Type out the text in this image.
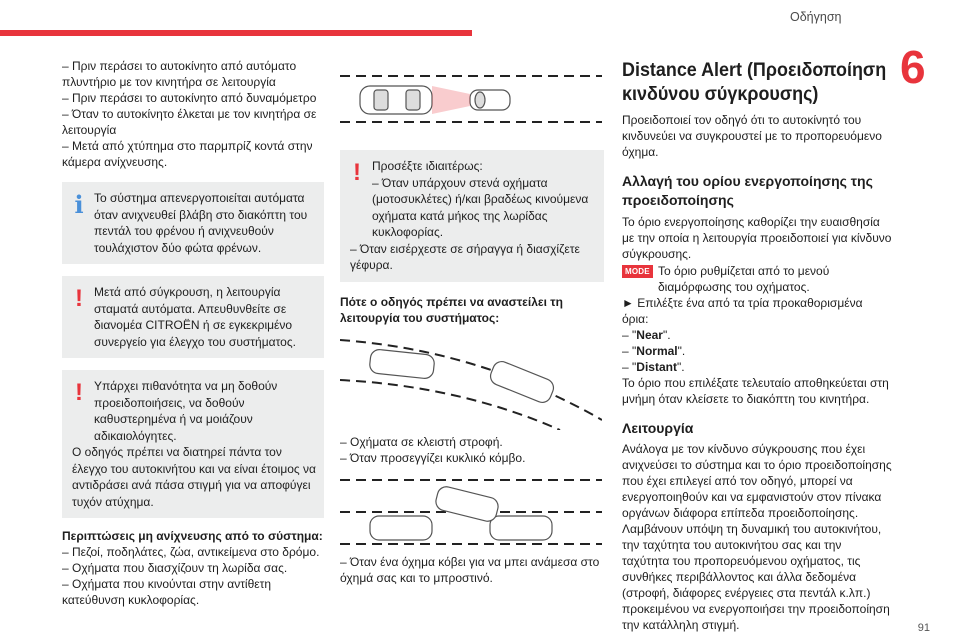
Οδήγηση
6
– Πριν περάσει το αυτοκίνητο από αυτόματο πλυντήριο με τον κινητήρα σε λειτουργία
– Πριν περάσει το αυτοκίνητο από δυναμόμετρο
– Όταν το αυτοκίνητο έλκεται με τον κινητήρα σε λειτουργία
– Μετά από χτύπημα στο παρμπρίζ κοντά στην κάμερα ανίχνευσης.
i Το σύστημα απενεργοποιείται αυτόματα όταν ανιχνευθεί βλάβη στο διακόπτη του πεντάλ του φρένου ή ανιχνευθούν τουλάχιστον δύο φώτα φρένων.

! Μετά από σύγκρουση, η λειτουργία σταματά αυτόματα. Απευθυνθείτε σε διανομέα CITROËN ή σε εγκεκριμένο συνεργείο για έλεγχο του συστήματος.

! Υπάρχει πιθανότητα να μη δοθούν προειδοποιήσεις, να δοθούν καθυστερημένα ή να μοιάζουν αδικαιολόγητες.

Ο οδηγός πρέπει να διατηρεί πάντα τον έλεγχο του αυτοκινήτου και να είναι έτοιμος να αντιδράσει ανά πάσα στιγμή για να αποφύγει τυχόν ατύχημα.

Περιπτώσεις μη ανίχνευσης από το σύστημα:

– Πεζοί, ποδηλάτες, ζώα, αντικείμενα στο δρόμο.
– Οχήματα που διασχίζουν τη λωρίδα σας.
– Οχήματα που κινούνται στην αντίθετη κατεύθυνση κυκλοφορίας.
! Προσέξτε ιδιαιτέρως:

– Όταν υπάρχουν στενά οχήματα (μοτοσυκλέτες) ή/και βραδέως κινούμενα οχήματα κατά μήκος της λωρίδας κυκλοφορίας.

– Όταν εισέρχεστε σε σήραγγα ή διασχίζετε γέφυρα.

Πότε ο οδηγός πρέπει να αναστείλει τη λειτουργία του συστήματος:

– Οχήματα σε κλειστή στροφή.
– Όταν προσεγγίζει κυκλικό κόμβο.
– Όταν ένα όχημα κόβει για να μπει ανάμεσα στο όχημά σας και το μπροστινό.
Distance Alert (Προειδοποίηση
κινδύνου σύγκρουσης)

Προειδοποιεί τον οδηγό ότι το αυτοκίνητό του κινδυνεύει να συγκρουστεί με το προπορευόμενο όχημα.

Αλλαγή του ορίου ενεργοποίησης της προειδοποίησης

Το όριο ενεργοποίησης καθορίζει την ευαισθησία με την οποία η λειτουργία προειδοποιεί για κίνδυνο σύγκρουσης.

MODE Το όριο ρυθμίζεται από το μενού διαμόρφωσης του οχήματος.

► Επιλέξτε ένα από τα τρία προκαθορισμένα όρια:

– "Near".
– "Normal".
– "Distant".

Το όριο που επιλέξατε τελευταίο αποθηκεύεται στη μνήμη όταν κλείσετε το διακόπτη του κινητήρα.

Λειτουργία

Ανάλογα με τον κίνδυνο σύγκρουσης που έχει ανιχνεύσει το σύστημα και το όριο προειδοποίησης που έχει επιλεγεί από τον οδηγό, μπορεί να ενεργοποιηθούν και να εμφανιστούν στον πίνακα οργάνων διάφορα επίπεδα προειδοποίησης.

Λαμβάνουν υπόψη τη δυναμική του αυτοκινήτου, την ταχύτητα του αυτοκινήτου σας και την ταχύτητα του προπορευόμενου οχήματος, τις συνθήκες περιβάλλοντος και άλλα δεδομένα (στροφή, διάφορες ενέργειες στα πεντάλ κ.λπ.) προκειμένου να ενεργοποιήσει την προειδοποίηση την κατάλληλη στιγμή.	91
